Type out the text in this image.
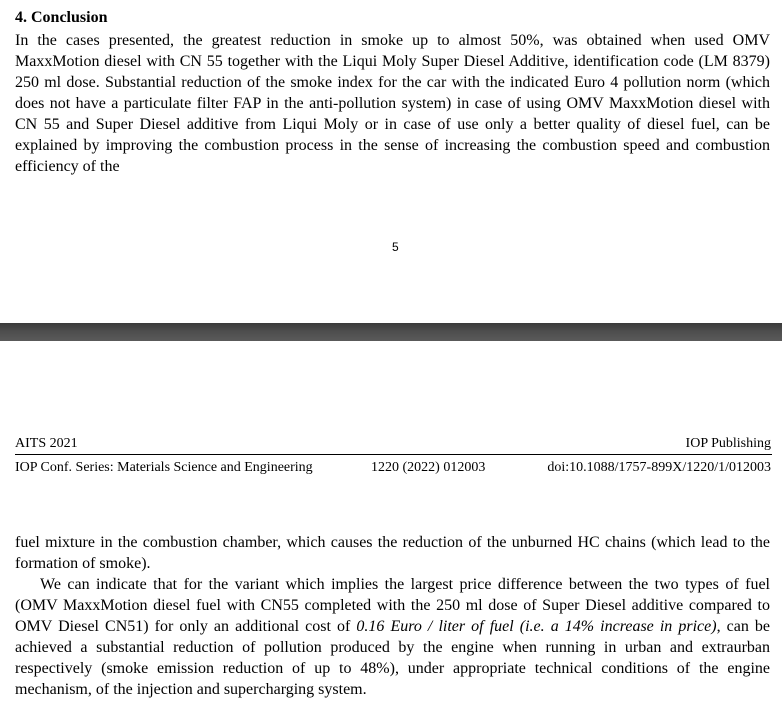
4. Conclusion

In the cases presented, the greatest reduction in smoke up to almost 50%, was obtained when used OMV MaxxMotion diesel with CN 55 together with the Liqui Moly Super Diesel Additive, identification code (LM 8379) 250 ml dose. Substantial reduction of the smoke index for the car with the indicated Euro 4 pollution norm (which does not have a particulate filter FAP in the anti-pollution system) in case of using OMV MaxxMotion diesel with CN 55 and Super Diesel additive from Liqui Moly or in case of use only a better quality of diesel fuel, can be explained by improving the combustion process in the sense of increasing the combustion speed and combustion efficiency of the

5

AITS 2021	IOP Publishing

IOP Conf. Series: Materials Science and Engineering	1220 (2022) 012003	doi:10.1088/1757-899X/1220/1/012003

fuel mixture in the combustion chamber, which causes the reduction of the unburned HC chains (which lead to the formation of smoke).

We can indicate that for the variant which implies the largest price difference between the two types of fuel (OMV MaxxMotion diesel fuel with CN55 completed with the 250 ml dose of Super Diesel additive compared to OMV Diesel CN51) for only an additional cost of 0.16 Euro / liter of fuel (i.e. a 14% increase in price), can be achieved a substantial reduction of pollution produced by the engine when running in urban and extraurban respectively (smoke emission reduction of up to 48%), under appropriate technical conditions of the engine mechanism, of the injection and supercharging system.
